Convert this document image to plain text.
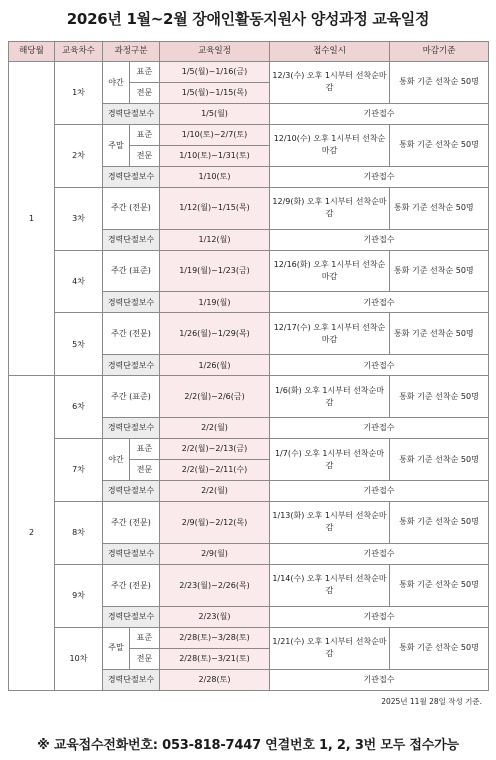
2026년 1월~2월 장애인활동지원사 양성과정 교육일정
해당월	교육차수	과정구분		교육일정	접수일시	마감기준
1	1차	야간	표준	1/5(월)~1/16(금)	12/3(수) 오후 1시부터 선착순마감	통화 기준 선착순 50명
			전문	1/5(월)~1/15(목)		
		경력단절보수		1/5(월)	기관접수	
	2차	주말	표준	1/10(토)~2/7(토)	12/10(수) 오후 1시부터 선착순마감	통화 기준 선착순 50명
			전문	1/10(토)~1/31(토)		
		경력단절보수		1/10(토)	기관접수	
	3차	주간 (전문)		1/12(월)~1/15(목)	12/9(화) 오후 1시부터 선착순마감	통화 기준 선착순 50명

		경력단절보수		1/12(월)	기관접수	
	4차	주간 (표준)		1/19(월)~1/23(금)	12/16(화) 오후 1시부터 선착순마감	통화 기준 선착순 50명

		경력단절보수		1/19(월)	기관접수	
	5차	주간 (전문)		1/26(월)~1/29(목)	12/17(수) 오후 1시부터 선착순마감	통화 기준 선착순 50명

		경력단절보수		1/26(월)	기관접수	
2	6차	주간 (표준)		2/2(월)~2/6(금)	1/6(화) 오후 1시부터 선착순마감	통화 기준 선착순 50명

		경력단절보수		2/2(월)	기관접수	
	7차	야간	표준	2/2(월)~2/13(금)	1/7(수) 오후 1시부터 선착순마감	통화 기준 선착순 50명
			전문	2/2(월)~2/11(수)		
		경력단절보수		2/2(월)	기관접수	
	8차	주간 (전문)		2/9(월)~2/12(목)	1/13(화) 오후 1시부터 선착순마감	통화 기준 선착순 50명

		경력단절보수		2/9(월)	기관접수	
	9차	주간 (전문)		2/23(월)~2/26(목)	1/14(수) 오후 1시부터 선착순마감	통화 기준 선착순 50명

		경력단절보수		2/23(월)	기관접수	
	10차	주말	표준	2/28(토)~3/28(토)	1/21(수) 오후 1시부터 선착순마감	통화 기준 선착순 50명
			전문	2/28(토)~3/21(토)		
		경력단절보수		2/28(토)	기관접수	
2025년 11월 28일 작성 기준.
※ 교육접수전화번호: 053-818-7447 연결번호 1, 2, 3번 모두 접수가능
